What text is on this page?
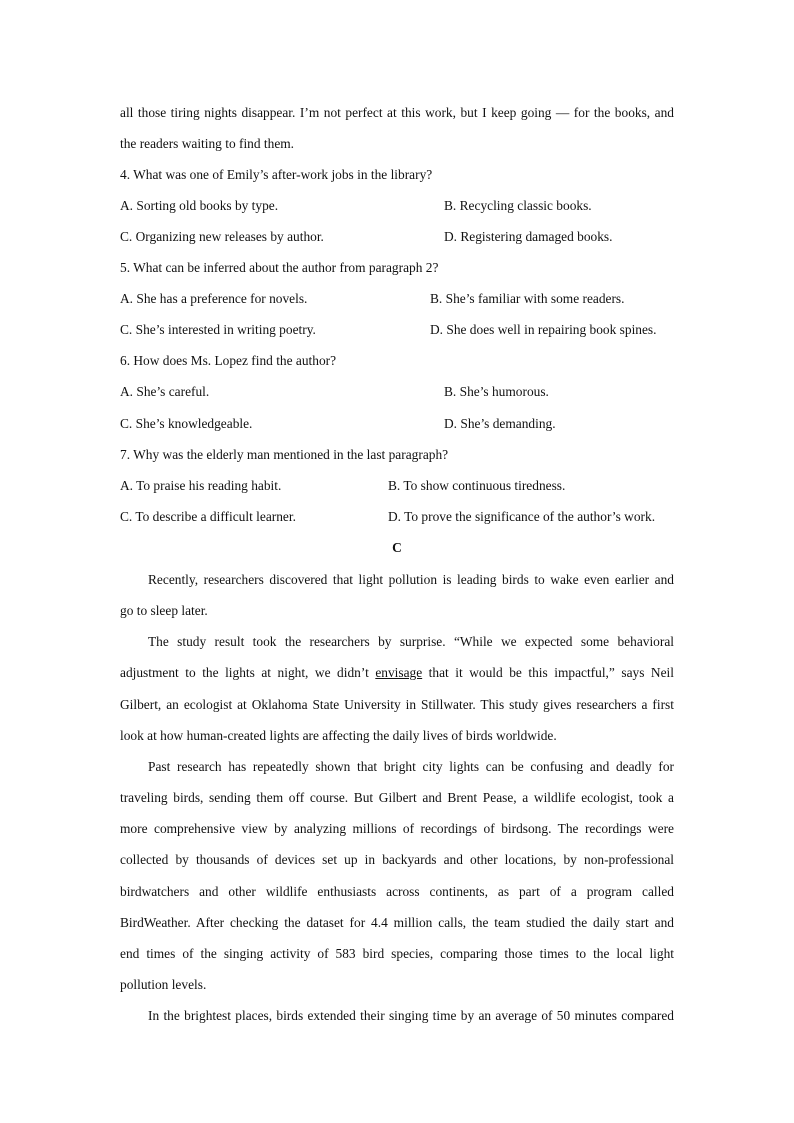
all those tiring nights disappear. I’m not perfect at this work, but I keep going — for the books, and
the readers waiting to find them.
4. What was one of Emily’s after-work jobs in the library?
A. Sorting old books by type.	B. Recycling classic books.
C. Organizing new releases by author.	D. Registering damaged books.
5. What can be inferred about the author from paragraph 2?
A. She has a preference for novels.	B. She’s familiar with some readers.
C. She’s interested in writing poetry.	D. She does well in repairing book spines.
6. How does Ms. Lopez find the author?
A. She’s careful.	B. She’s humorous.
C. She’s knowledgeable.	D. She’s demanding.
7. Why was the elderly man mentioned in the last paragraph?
A. To praise his reading habit.	B. To show continuous tiredness.
C. To describe a difficult learner.	D. To prove the significance of the author’s work.
C
Recently, researchers discovered that light pollution is leading birds to wake even earlier and
go to sleep later.
The study result took the researchers by surprise. “While we expected some behavioral
adjustment to the lights at night, we didn’t envisage that it would be this impactful,” says Neil
Gilbert, an ecologist at Oklahoma State University in Stillwater. This study gives researchers a first
look at how human-created lights are affecting the daily lives of birds worldwide.
Past research has repeatedly shown that bright city lights can be confusing and deadly for
traveling birds, sending them off course. But Gilbert and Brent Pease, a wildlife ecologist, took a
more comprehensive view by analyzing millions of recordings of birdsong. The recordings were
collected by thousands of devices set up in backyards and other locations, by non-professional
birdwatchers and other wildlife enthusiasts across continents, as part of a program called
BirdWeather. After checking the dataset for 4.4 million calls, the team studied the daily start and
end times of the singing activity of 583 bird species, comparing those times to the local light
pollution levels.
In the brightest places, birds extended their singing time by an average of 50 minutes compared
